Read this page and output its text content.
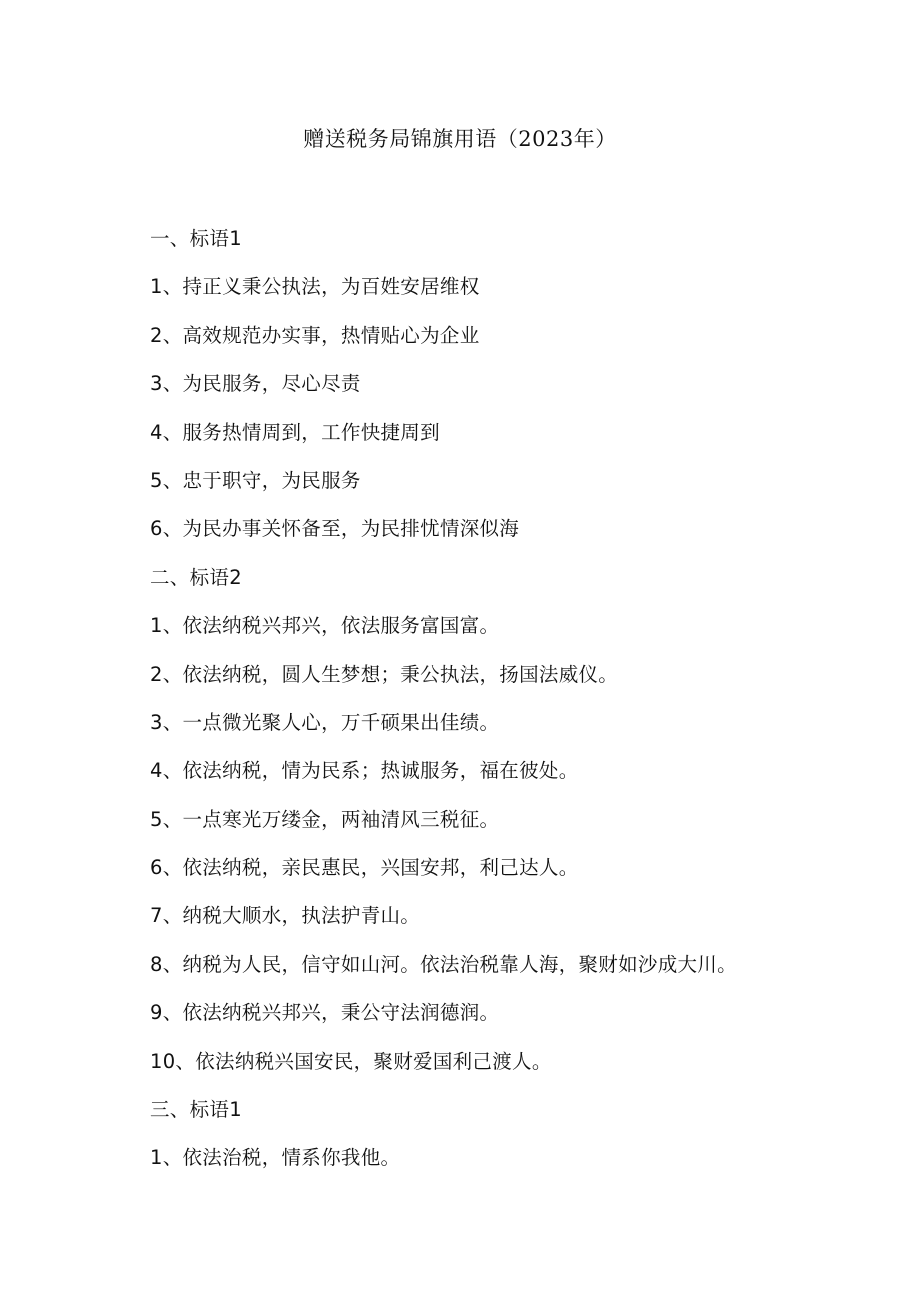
赠送税务局锦旗用语（2023年）
一、标语1
1、持正义秉公执法，为百姓安居维权
2、高效规范办实事，热情贴心为企业
3、为民服务，尽心尽责
4、服务热情周到，工作快捷周到
5、忠于职守，为民服务
6、为民办事关怀备至，为民排忧情深似海
二、标语2
1、依法纳税兴邦兴，依法服务富国富。
2、依法纳税，圆人生梦想；秉公执法，扬国法威仪。
3、一点微光聚人心，万千硕果出佳绩。
4、依法纳税，情为民系；热诚服务，福在彼处。
5、一点寒光万缕金，两袖清风三税征。
6、依法纳税，亲民惠民，兴国安邦，利己达人。
7、纳税大顺水，执法护青山。
8、纳税为人民，信守如山河。依法治税靠人海，聚财如沙成大川。
9、依法纳税兴邦兴，秉公守法润德润。
10、依法纳税兴国安民，聚财爱国利己渡人。
三、标语1
1、依法治税，情系你我他。
